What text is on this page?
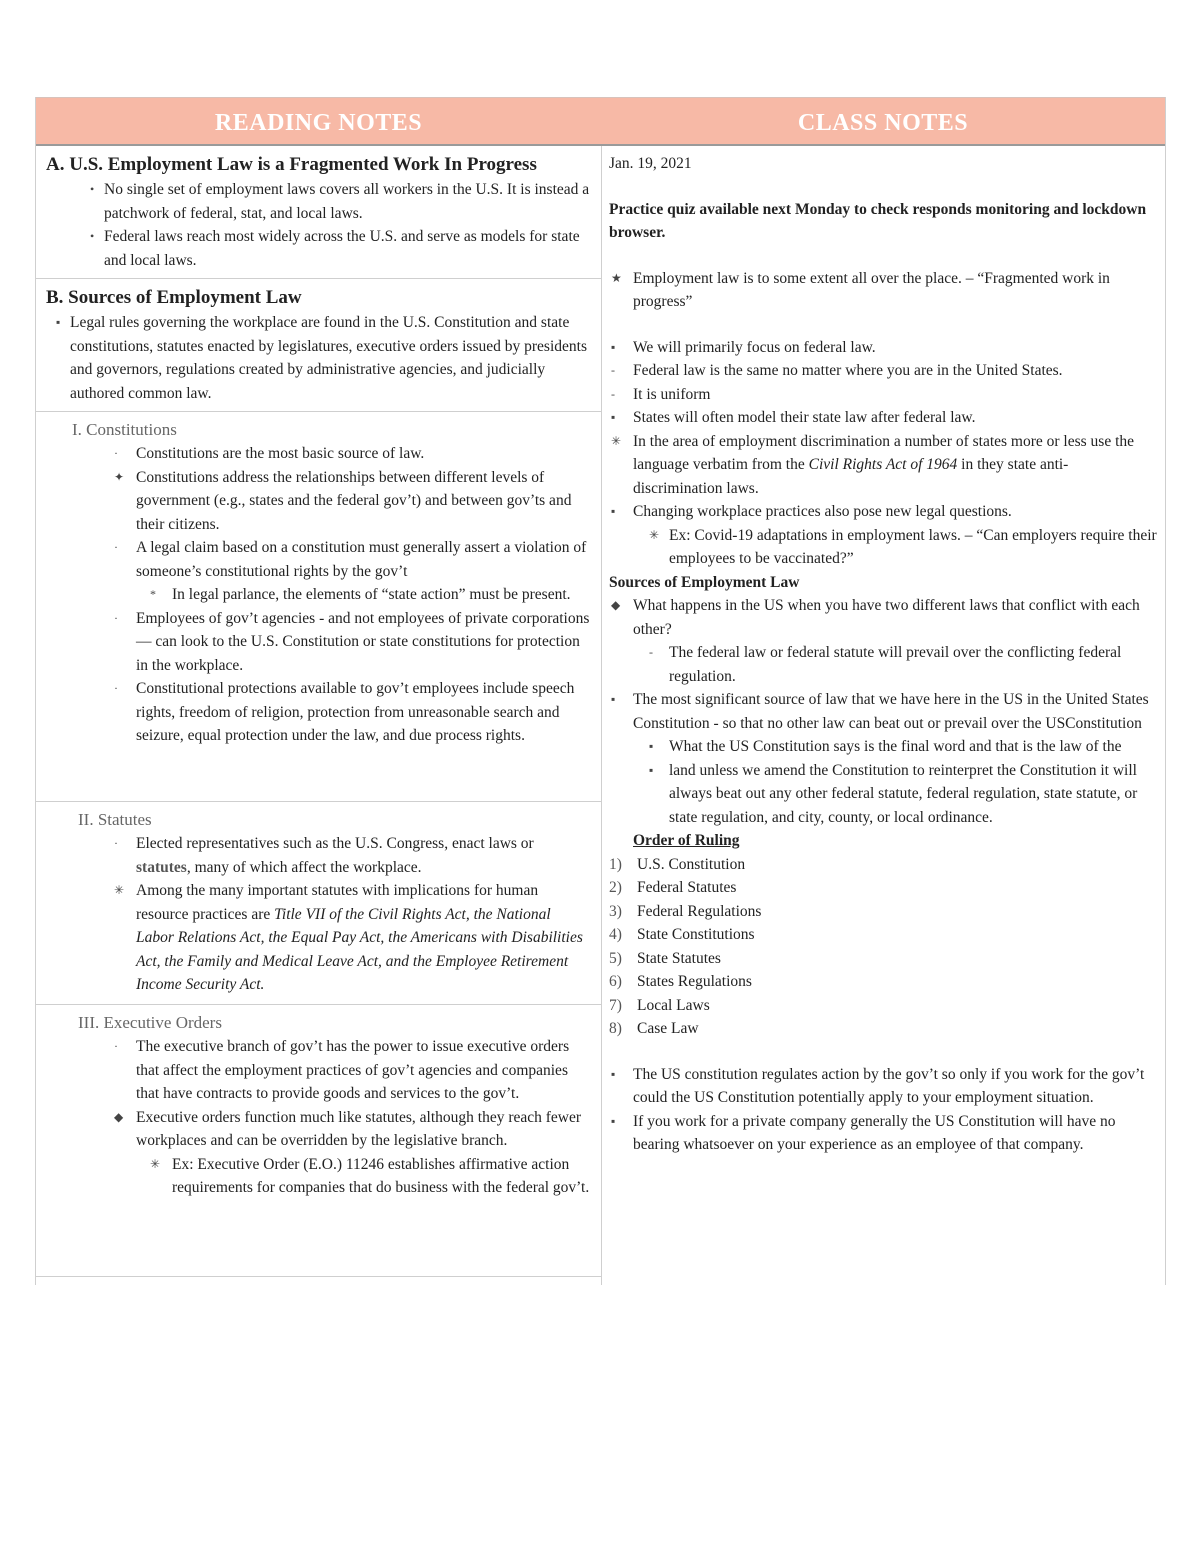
READING NOTES
A. U.S. Employment Law is a Fragmented Work In Progress
• No single set of employment laws covers all workers in the U.S. It is instead a patchwork of federal, stat, and local laws.
• Federal laws reach most widely across the U.S. and serve as models for state and local laws.
B. Sources of Employment Law
▪ Legal rules governing the workplace are found in the U.S. Constitution and state constitutions, statutes enacted by legislatures, executive orders issued by presidents and governors, regulations created by administrative agencies, and judicially authored common law.
I. Constitutions
· Constitutions are the most basic source of law.
✦ Constitutions address the relationships between different levels of government (e.g., states and the federal gov’t) and between gov’ts and their citizens.
· A legal claim based on a constitution must generally assert a violation of someone’s constitutional rights by the gov’t
* In legal parlance, the elements of “state action” must be present.
· Employees of gov’t agencies - and not employees of private corporations — can look to the U.S. Constitution or state constitutions for protection in the workplace.
· Constitutional protections available to gov’t employees include speech rights, freedom of religion, protection from unreasonable search and seizure, equal protection under the law, and due process rights.
II. Statutes
· Elected representatives such as the U.S. Congress, enact laws or statutes, many of which affect the workplace.
✳ Among the many important statutes with implications for human resource practices are Title VII of the Civil Rights Act, the National Labor Relations Act, the Equal Pay Act, the Americans with Disabilities Act, the Family and Medical Leave Act, and the Employee Retirement Income Security Act.
III. Executive Orders
· The executive branch of gov’t has the power to issue executive orders that affect the employment practices of gov’t agencies and companies that have contracts to provide goods and services to the gov’t.
◆ Executive orders function much like statutes, although they reach fewer workplaces and can be overridden by the legislative branch.
✳ Ex: Executive Order (E.O.) 11246 establishes affirmative action requirements for companies that do business with the federal gov’t.
CLASS NOTES
Jan. 19, 2021
Practice quiz available next Monday to check responds monitoring and lockdown browser.
★ Employment law is to some extent all over the place. – “Fragmented work in progress”
▪ We will primarily focus on federal law.
- Federal law is the same no matter where you are in the United States.
- It is uniform
▪ States will often model their state law after federal law.
✳ In the area of employment discrimination a number of states more or less use the language verbatim from the Civil Rights Act of 1964 in they state anti-discrimination laws.
▪ Changing workplace practices also pose new legal questions.
✳ Ex: Covid-19 adaptations in employment laws. – “Can employers require their employees to be vaccinated?”
Sources of Employment Law
◆ What happens in the US when you have two different laws that conflict with each other?
- The federal law or federal statute will prevail over the conflicting federal regulation.
▪ The most significant source of law that we have here in the US in the United States Constitution - so that no other law can beat out or prevail over the USConstitution
▪ What the US Constitution says is the final word and that is the law of the
▪ land unless we amend the Constitution to reinterpret the Constitution it will always beat out any other federal statute, federal regulation, state statute, or state regulation, and city, county, or local ordinance.
Order of Ruling
1) U.S. Constitution
2) Federal Statutes
3) Federal Regulations
4) State Constitutions
5) State Statutes
6) States Regulations
7) Local Laws
8) Case Law
▪ The US constitution regulates action by the gov’t so only if you work for the gov’t could the US Constitution potentially apply to your employment situation.
▪ If you work for a private company generally the US Constitution will have no bearing whatsoever on your experience as an employee of that company.
